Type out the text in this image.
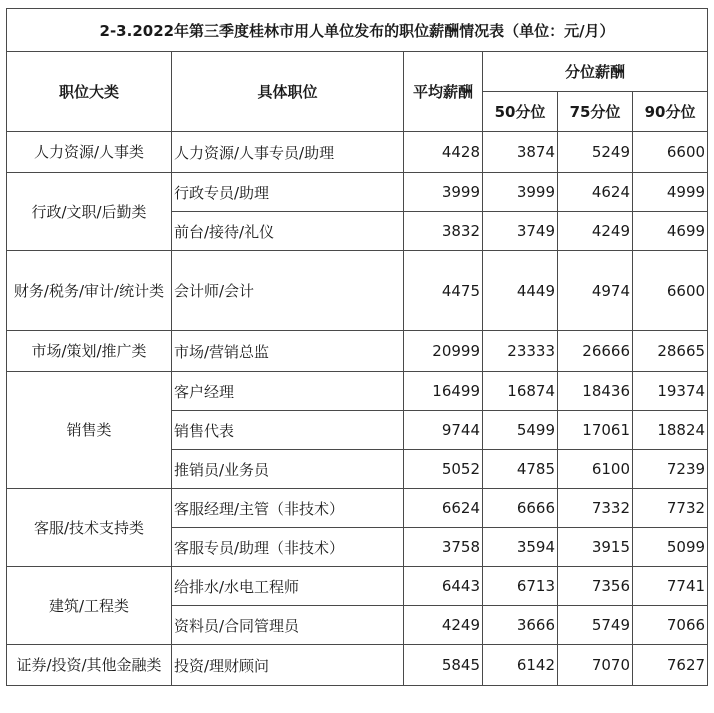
2-3.2022年第三季度桂林市用人单位发布的职位薪酬情况表（单位：元/月）					
职位大类	具体职位	平均薪酬	分位薪酬		
			50分位	75分位	90分位
人力资源/人事类	人力资源/人事专员/助理	4428	3874	5249	6600
行政/文职/后勤类	行政专员/助理	3999	3999	4624	4999
	前台/接待/礼仪	3832	3749	4249	4699
财务/税务/审计/统计类	会计师/会计	4475	4449	4974	6600
市场/策划/推广类	市场/营销总监	20999	23333	26666	28665
销售类	客户经理	16499	16874	18436	19374
	销售代表	9744	5499	17061	18824
	推销员/业务员	5052	4785	6100	7239
客服/技术支持类	客服经理/主管（非技术）	6624	6666	7332	7732
	客服专员/助理（非技术）	3758	3594	3915	5099
建筑/工程类	给排水/水电工程师	6443	6713	7356	7741
	资料员/合同管理员	4249	3666	5749	7066
证券/投资/其他金融类	投资/理财顾问	5845	6142	7070	7627
